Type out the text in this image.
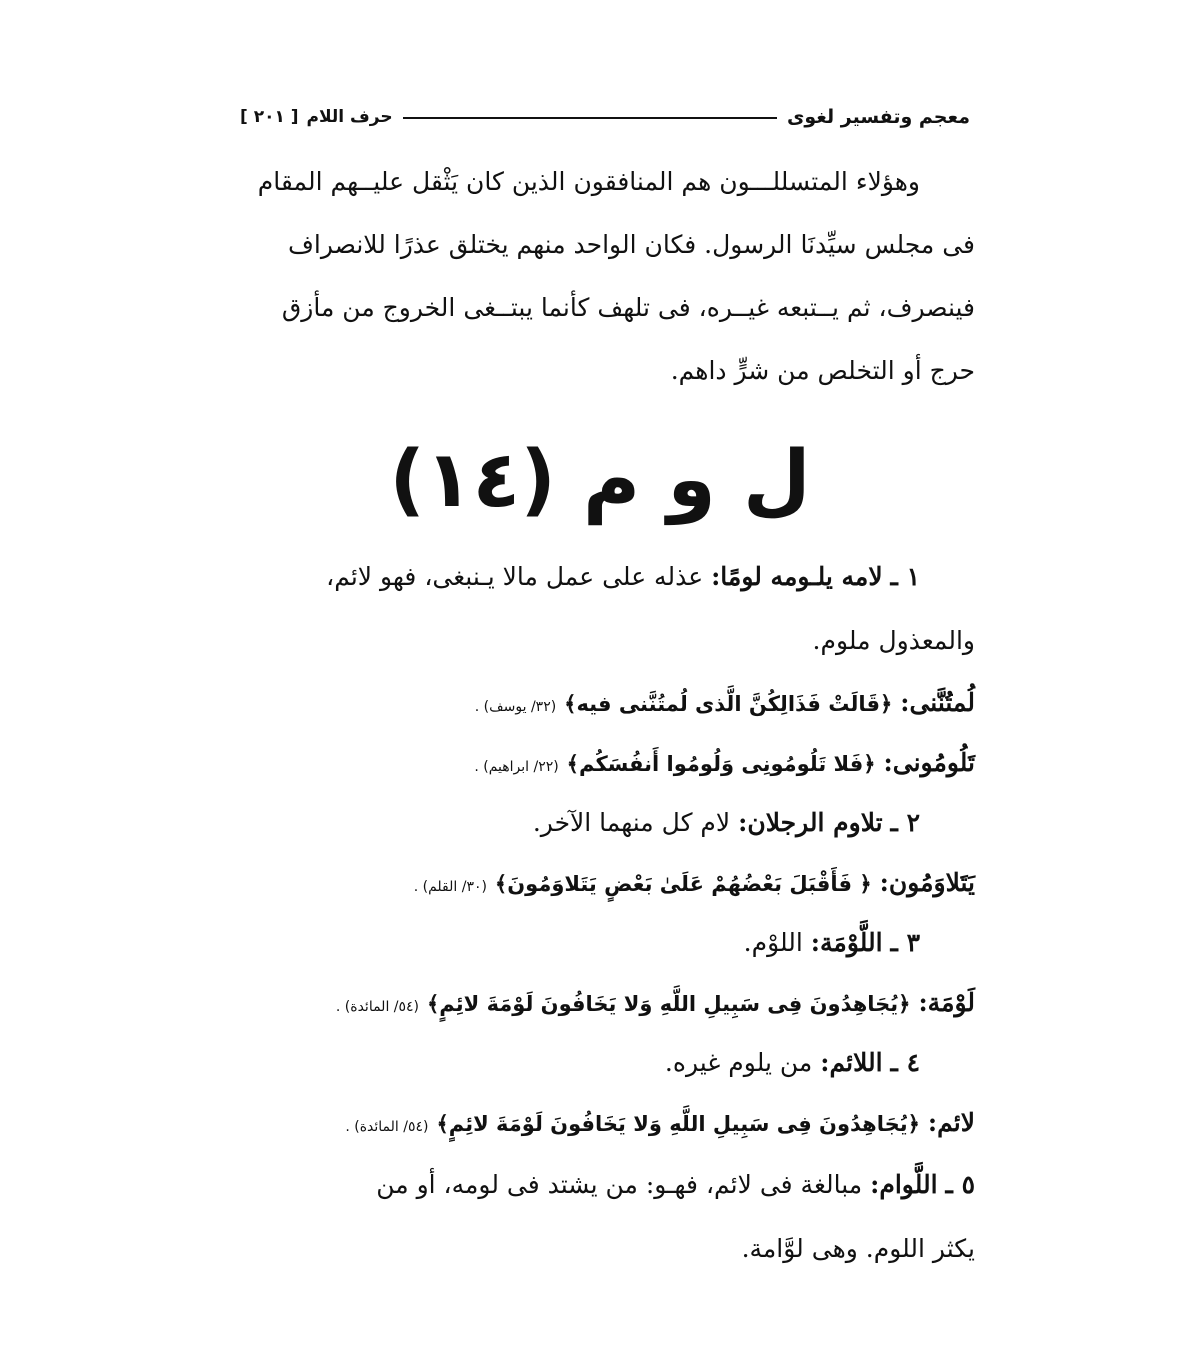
معجم وتفسير لغوى
حرف اللام
[ ٢٠١ ]

وهؤلاء المتسللـــون هم المنافقون الذين كان يَثْقل عليــهم المقام

فى مجلس سيِّدنَا الرسول. فكان الواحد منهم يختلق عذرًا للانصراف

فينصرف، ثم يــتبعه غيــره، فى تلهف كأنما يبتــغى الخروج من مأزق

حرج أو التخلص من شرٍّ داهم.

ل و م (١٤)
١ ـ لامه يلـومه لومًا: عذله على عمل مالا يـنبغى، فهو لائم،
والمعذول ملوم.
لُمتُنَّنى: ﴿قَالَتْ فَذَالِكُنَّ الَّذى لُمتُنَّنى فيه﴾ (٣٢/ يوسف) .
تَلُومُونى: ﴿فَلا تَلُومُونِى وَلُومُوا أَنفُسَكُم﴾ (٢٢/ ابراهيم) .
٢ ـ تلاوم الرجلان: لام كل منهما الآخر.
يَتَلاوَمُون: ﴿ فَأَقْبَلَ بَعْضُهُمْ عَلَىٰ بَعْضٍ يَتَلاوَمُونَ﴾ (٣٠/ القلم) .
٣ ـ اللَّوْمَة: اللوْم.
لَوْمَة: ﴿يُجَاهِدُونَ فِى سَبِيلِ اللَّهِ وَلا يَخَافُونَ لَوْمَةَ لائِمٍ﴾ (٥٤/ المائدة) .
٤ ـ اللائم: من يلوم غيره.
لائم: ﴿يُجَاهِدُونَ فِى سَبِيلِ اللَّهِ وَلا يَخَافُونَ لَوْمَةَ لائِمٍ﴾ (٥٤/ المائدة) .
٥ ـ اللَّوام: مبالغة فى لائم، فهـو: من يشتد فى لومه، أو من
يكثر اللوم. وهى لوَّامة.
